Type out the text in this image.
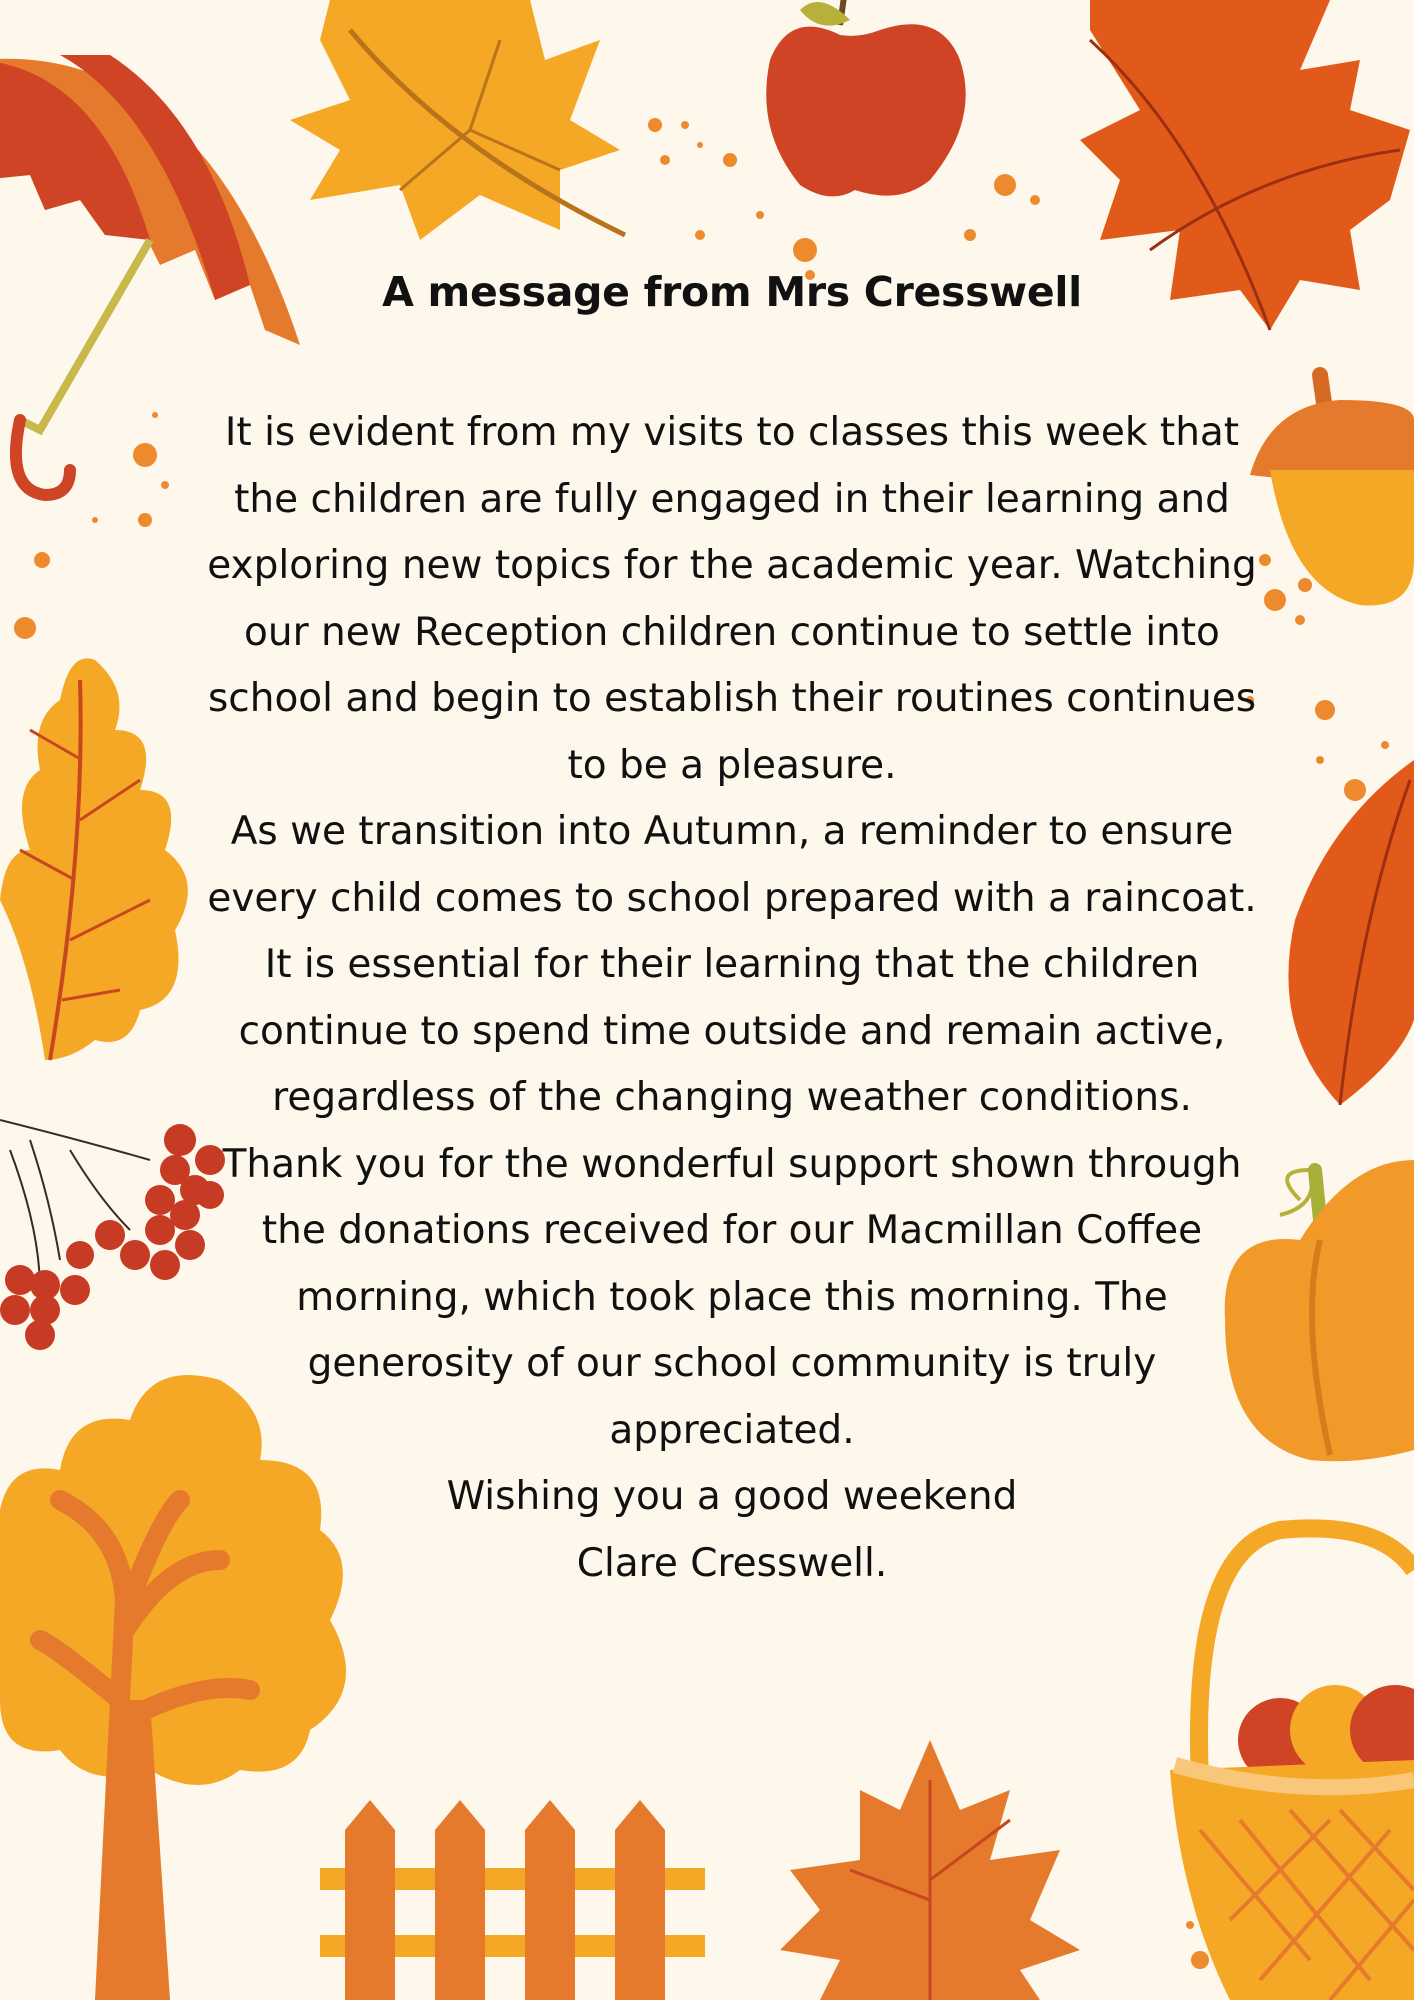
A message from Mrs Cresswell

It is evident from my visits to classes this week that the children are fully engaged in their learning and exploring new topics for the academic year. Watching our new Reception children continue to settle into school and begin to establish their routines continues to be a pleasure.

As we transition into Autumn, a reminder to ensure every child comes to school prepared with a raincoat. It is essential for their learning that the children continue to spend time outside and remain active, regardless of the changing weather conditions.

Thank you for the wonderful support shown through the donations received for our Macmillan Coffee morning, which took place this morning. The generosity of our school community is truly appreciated.

Wishing you a good weekend

Clare Cresswell.
